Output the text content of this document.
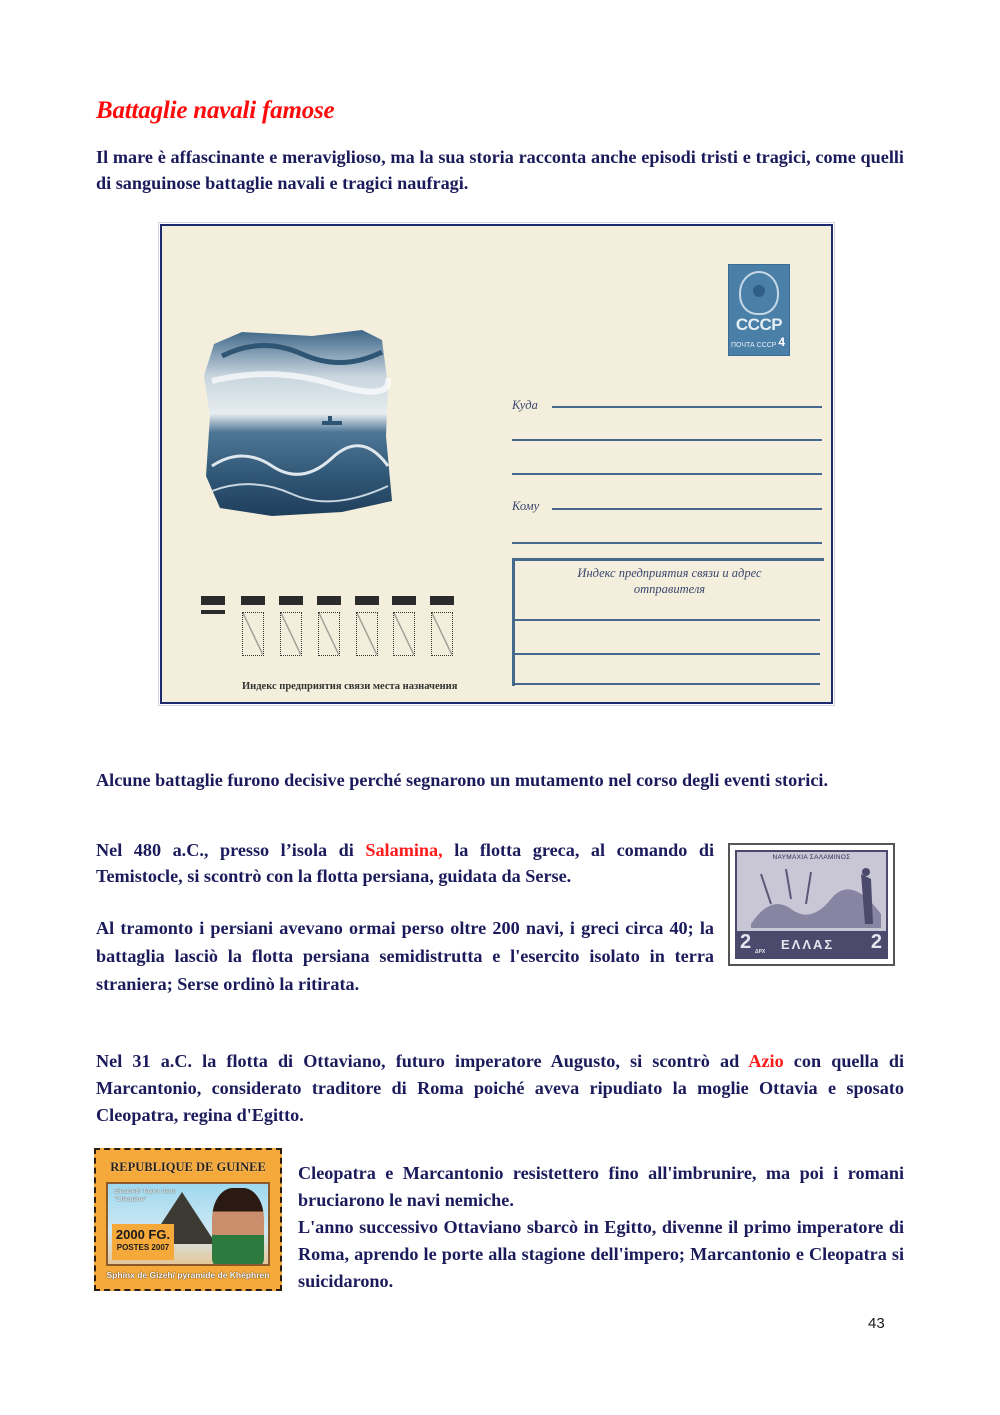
Battaglie navali famose

Il mare è affascinante e meraviglioso, ma la sua storia racconta anche episodi tristi e tragici, come quelli di sanguinose battaglie navali e tragici naufragi.

СССР
ПОЧТА СССР 4
Куда
Кому
Индекс предприятия связи и адрес отправителя
Индекс предприятия связи места назначения

Alcune battaglie furono decisive perché segnarono un mutamento nel corso degli eventi storici.

Nel 480 a.C., presso l’isola di Salamina, la flotta greca, al comando di Temistocle, si scontrò con la flotta persiana, guidata da Serse.

Al tramonto i persiani avevano ormai perso oltre 200 navi, i greci circa 40; la battaglia lasciò la flotta persiana semidistrutta e l'esercito isolato in terra straniera; Serse ordinò la ritirata.

ΝΑΥΜΑΧΙΑ ΣΑΛΑΜΙΝΟΣ
2 ΕΛΛΑΣ 2
ΔΡΧ

Nel 31 a.C. la flotta di Ottaviano, futuro imperatore Augusto, si scontrò ad Azio con quella di Marcantonio, considerato traditore di Roma poiché aveva ripudiato la moglie Ottavia e sposato Cleopatra, regina d'Egitto.

REPUBLIQUE DE GUINEE
Elizabeth Taylor dans
"Cléopâtre"
2000 FG.
POSTES 2007
Sphinx de Gizeh/ pyramide de Khéphren

Cleopatra e Marcantonio resistettero fino all'imbrunire, ma poi i romani bruciarono le navi nemiche.

L'anno successivo Ottaviano sbarcò in Egitto, divenne il primo imperatore di Roma, aprendo le porte alla stagione dell'impero; Marcantonio e Cleopatra si suicidarono.

43
